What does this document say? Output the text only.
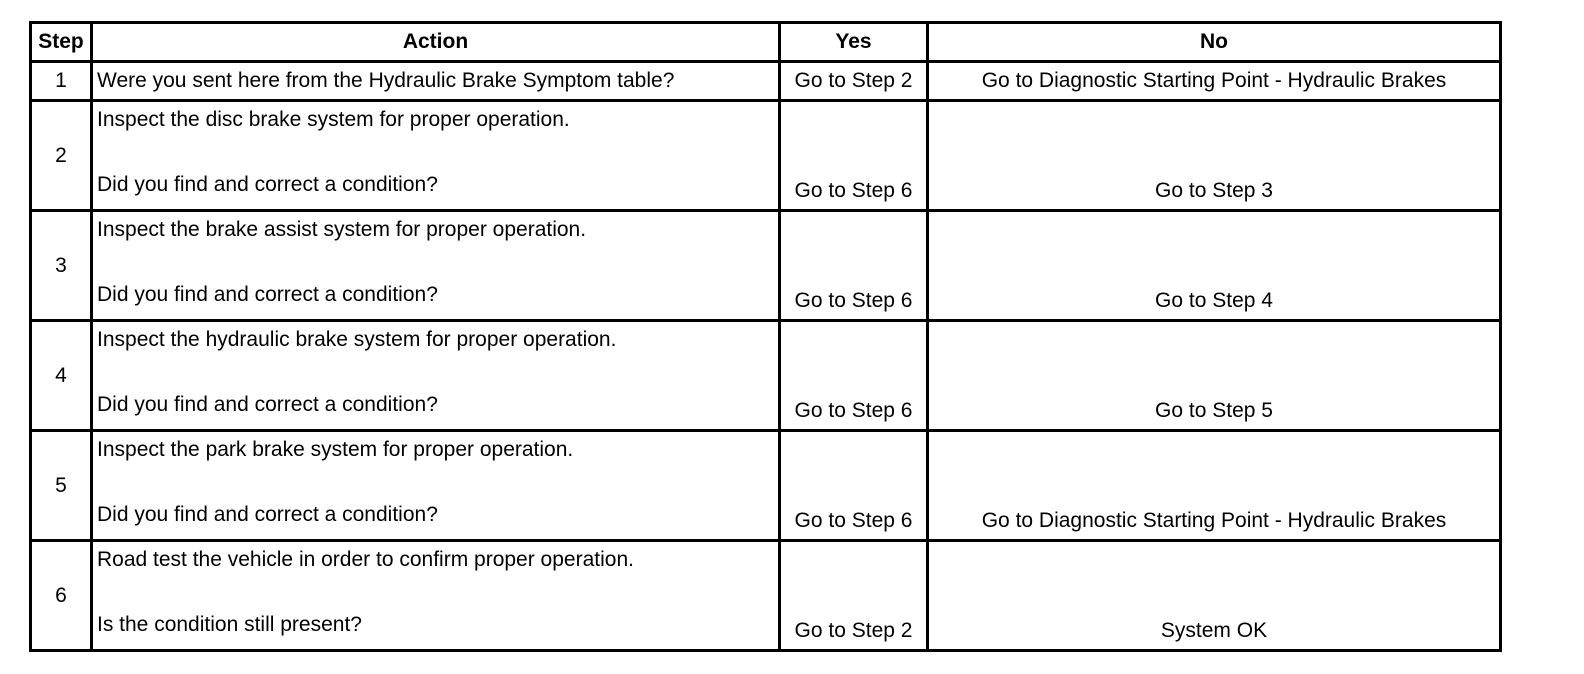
Step	Action	Yes	No
1	Were you sent here from the Hydraulic Brake Symptom table?	Go to Step 2	Go to Diagnostic Starting Point - Hydraulic Brakes
2	Inspect the disc brake system for proper operation.
Did you find and correct a condition?	Go to Step 6	Go to Step 3
3	Inspect the brake assist system for proper operation.
Did you find and correct a condition?	Go to Step 6	Go to Step 4
4	Inspect the hydraulic brake system for proper operation.
Did you find and correct a condition?	Go to Step 6	Go to Step 5
5	Inspect the park brake system for proper operation.
Did you find and correct a condition?	Go to Step 6	Go to Diagnostic Starting Point - Hydraulic Brakes
6	Road test the vehicle in order to confirm proper operation.
Is the condition still present?	Go to Step 2	System OK
